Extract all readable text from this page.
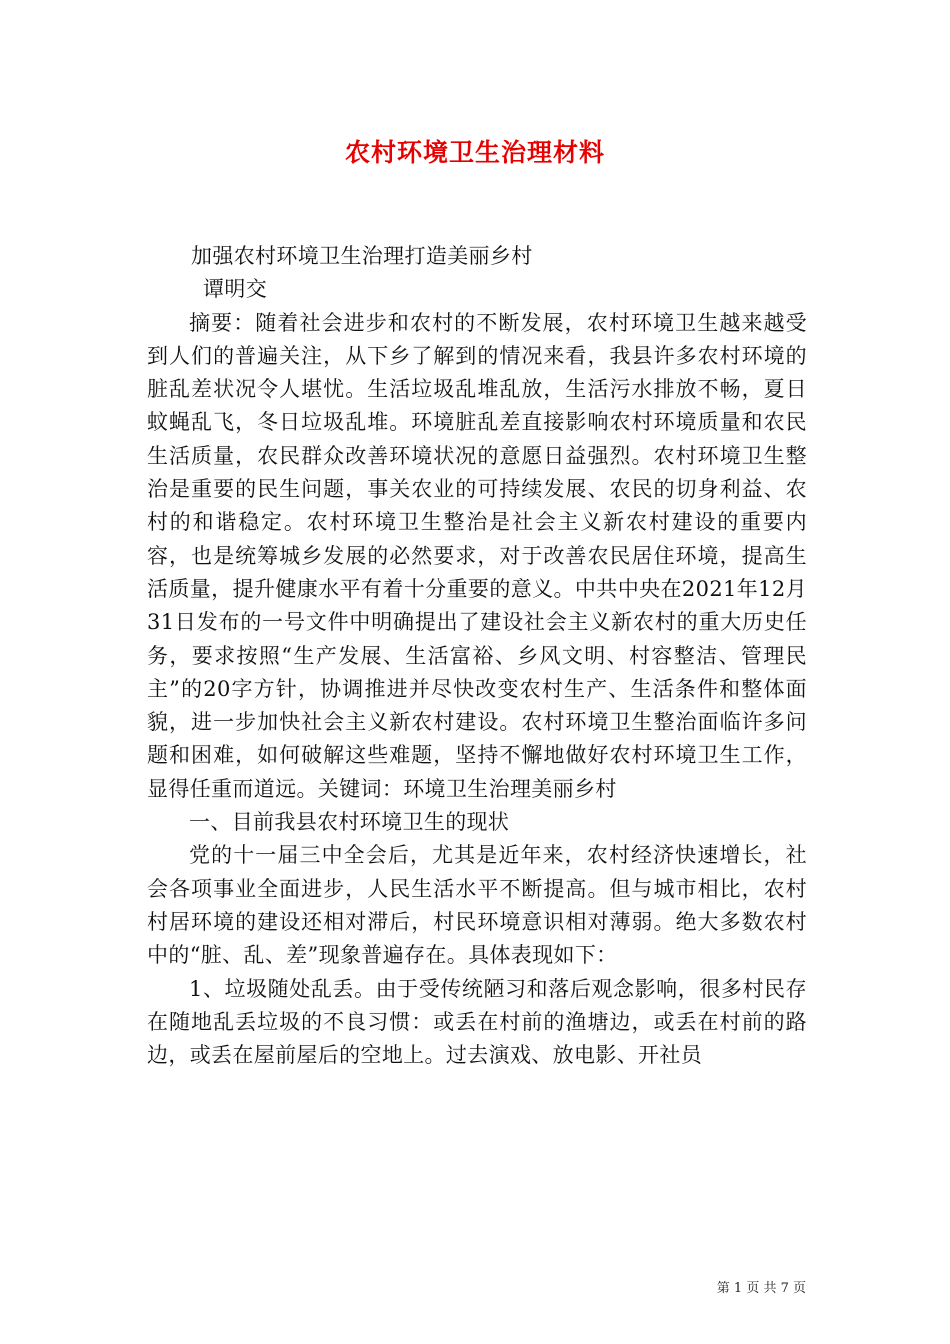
农村环境卫生治理材料

加强农村环境卫生治理打造美丽乡村

谭明交

摘要：随着社会进步和农村的不断发展，农村环境卫生越来越受到人们的普遍关注，从下乡了解到的情况来看，我县许多农村环境的脏乱差状况令人堪忧。生活垃圾乱堆乱放，生活污水排放不畅，夏日蚊蝇乱飞，冬日垃圾乱堆。环境脏乱差直接影响农村环境质量和农民生活质量，农民群众改善环境状况的意愿日益强烈。农村环境卫生整治是重要的民生问题，事关农业的可持续发展、农民的切身利益、农村的和谐稳定。农村环境卫生整治是社会主义新农村建设的重要内容，也是统筹城乡发展的必然要求，对于改善农民居住环境，提高生活质量，提升健康水平有着十分重要的意义。中共中央在2021年12月31日发布的一号文件中明确提出了建设社会主义新农村的重大历史任务，要求按照“生产发展、生活富裕、乡风文明、村容整洁、管理民主”的20字方针，协调推进并尽快改变农村生产、生活条件和整体面貌，进一步加快社会主义新农村建设。农村环境卫生整治面临许多问题和困难，如何破解这些难题，坚持不懈地做好农村环境卫生工作，显得任重而道远。关键词：环境卫生治理美丽乡村

一、目前我县农村环境卫生的现状

党的十一届三中全会后，尤其是近年来，农村经济快速增长，社会各项事业全面进步，人民生活水平不断提高。但与城市相比，农村村居环境的建设还相对滞后，村民环境意识相对薄弱。绝大多数农村中的“脏、乱、差”现象普遍存在。具体表现如下：

1、垃圾随处乱丢。由于受传统陋习和落后观念影响，很多村民存在随地乱丢垃圾的不良习惯：或丢在村前的渔塘边，或丢在村前的路边，或丢在屋前屋后的空地上。过去演戏、放电影、开社员

第 1 页 共 7 页
